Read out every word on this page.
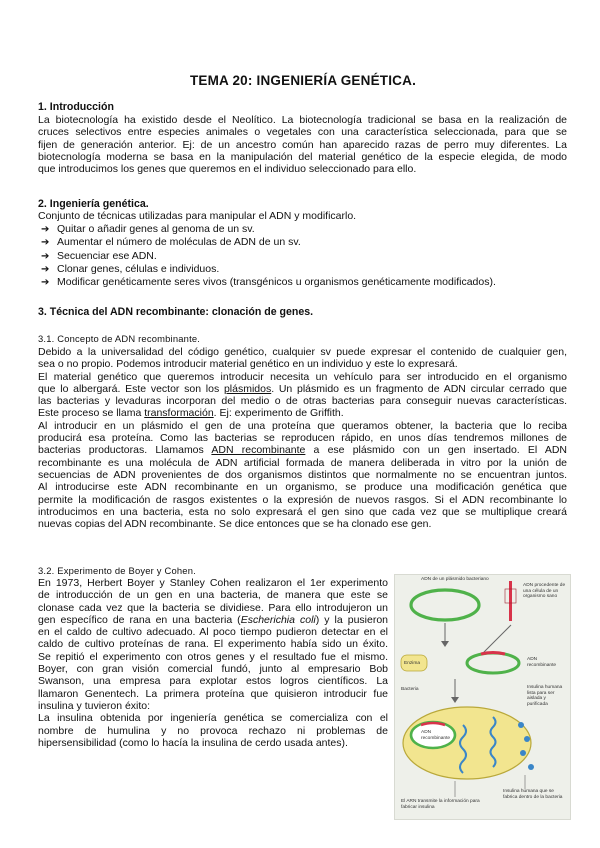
TEMA 20: INGENIERÍA GENÉTICA.
1. Introducción
La biotecnología ha existido desde el Neolítico. La biotecnología tradicional se basa en la realización de
cruces selectivos entre especies animales o vegetales con una característica seleccionada, para que se
fijen de generación anterior. Ej: de un ancestro común han aparecido razas de perro muy diferentes. La
biotecnología moderna se basa en la manipulación del material genético de la especie elegida, de modo
que introducimos los genes que queremos en el individuo seleccionado para ello.
2. Ingeniería genética.
Conjunto de técnicas utilizadas para manipular el ADN y modificarlo.
➔ Quitar o añadir genes al genoma de un sv.
➔ Aumentar el número de moléculas de ADN de un sv.
➔ Secuenciar ese ADN.
➔ Clonar genes, células e individuos.
➔ Modificar genéticamente seres vivos (transgénicos u organismos genéticamente modificados).
3. Técnica del ADN recombinante: clonación de genes.
3.1. Concepto de ADN recombinante.
Debido a la universalidad del código genético, cualquier sv puede expresar el contenido de cualquier gen,
sea o no propio. Podemos introducir material genético en un individuo y este lo expresará.
El material genético que queremos introducir necesita un vehículo para ser introducido en el organismo
que lo albergará. Este vector son los plásmidos. Un plásmido es un fragmento de ADN circular cerrado que
las bacterias y levaduras incorporan del medio o de otras bacterias para conseguir nuevas características.
Este proceso se llama transformación. Ej: experimento de Griffith.
Al introducir en un plásmido el gen de una proteína que queramos obtener, la bacteria que lo reciba
producirá esa proteína. Como las bacterias se reproducen rápido, en unos días tendremos millones de
bacterias productoras. Llamamos ADN recombinante a ese plásmido con un gen insertado. El ADN
recombinante es una molécula de ADN artificial formada de manera deliberada in vitro por la unión de
secuencias de ADN provenientes de dos organismos distintos que normalmente no se encuentran juntos.
Al introducirse este ADN recombinante en un organismo, se produce una modificación genética que
permite la modificación de rasgos existentes o la expresión de nuevos rasgos. Si el ADN recombinante lo
introducimos en una bacteria, esta no solo expresará el gen sino que cada vez que se multiplique creará
nuevas copias del ADN recombinante. Se dice entonces que se ha clonado ese gen.
3.2. Experimento de Boyer y Cohen.
En 1973, Herbert Boyer y Stanley Cohen realizaron el 1er experimento
de introducción de un gen en una bacteria, de manera que este se
clonase cada vez que la bacteria se dividiese. Para ello introdujeron un
gen específico de rana en una bacteria (Escherichia coli) y la pusieron
en el caldo de cultivo adecuado. Al poco tiempo pudieron detectar en el
caldo de cultivo proteínas de rana. El experimento había sido un éxito.
Se repitió el experimento con otros genes y el resultado fue el mismo.
Boyer, con gran visión comercial fundó, junto al empresario Bob
Swanson, una empresa para explotar estos logros científicos. La
llamaron Genentech. La primera proteína que quisieron introducir fue
insulina y tuvieron éxito:
La insulina obtenida por ingeniería genética se comercializa con el
nombre de humulina y no provoca rechazo ni problemas de
hipersensibilidad (como lo hacía la insulina de cerdo usada antes).
ADN de un plásmido bacteriano
ADN procedente de una célula de un organismo sano
Enzima
ADN recombinante
Bacteria
ADN recombinante
Insulina humana lista para ser aislada y purificada
El ARN transmite la información para fabricar insulina
Insulina humana que se fabrica dentro de la bacteria
